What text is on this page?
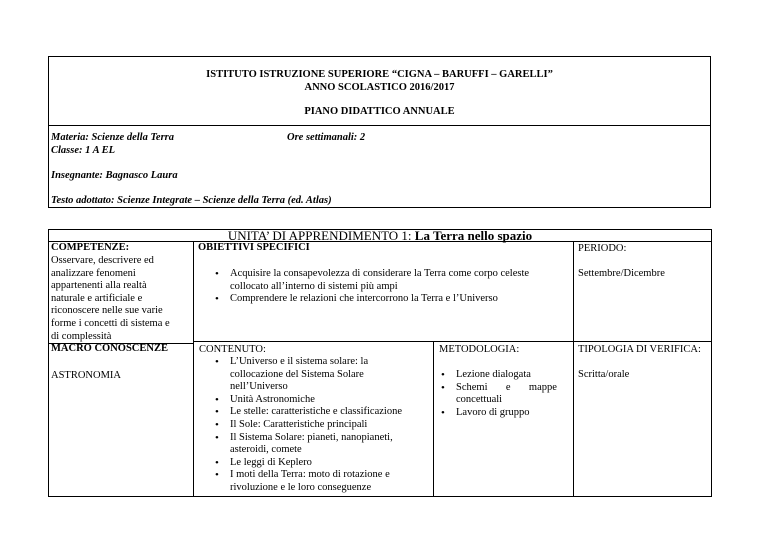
ISTITUTO ISTRUZIONE SUPERIORE “CIGNA – BARUFFI – GARELLI”
ANNO SCOLASTICO 2016/2017
PIANO DIDATTICO ANNUALE
Materia: Scienze della Terra
Classe: 1 A EL
Ore settimanali: 2
Insegnante: Bagnasco Laura
Testo adottato: Scienze Integrate – Scienze della Terra (ed. Atlas)
UNITA’ DI APPRENDIMENTO 1: La Terra nello spazio
COMPETENZE:
Osservare, descrivere ed
analizzare fenomeni
appartenenti alla realtà
naturale e artificiale e
riconoscere nelle sue varie
forme i concetti di sistema e
di complessità
MACRO CONOSCENZE
ASTRONOMIA
OBIETTIVI SPECIFICI
• Acquisire la consapevolezza di considerare la Terra come corpo celeste
collocato all’interno di sistemi più ampi
• Comprendere le relazioni che intercorrono la Terra e l’Universo
PERIODO:
Settembre/Dicembre
CONTENUTO:
• L’Universo e il sistema solare: la
collocazione del Sistema Solare
nell’Universo
• Unità Astronomiche
• Le stelle: caratteristiche e classificazione
• Il Sole: Caratteristiche principali
• Il Sistema Solare: pianeti, nanopianeti,
asteroidi, comete
• Le leggi di Keplero
• I moti della Terra: moto di rotazione e
rivoluzione e le loro conseguenze
METODOLOGIA:
• Lezione dialogata
• Schemi       e       mappe
concettuali
• Lavoro di gruppo
TIPOLOGIA DI VERIFICA:
Scritta/orale
